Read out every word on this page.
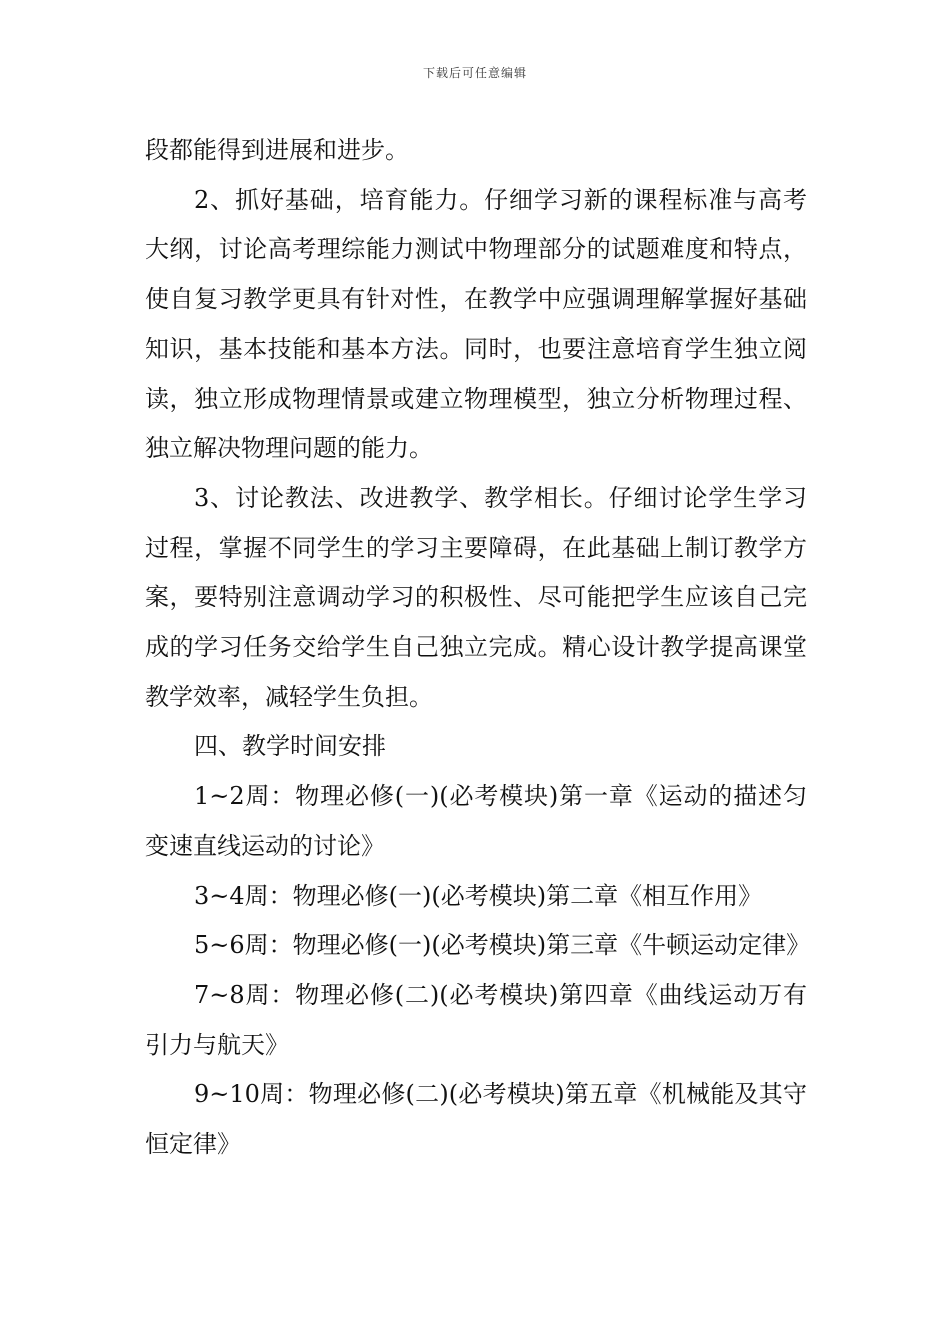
下载后可任意编辑

段都能得到进展和进步。

2、抓好基础，培育能力。仔细学习新的课程标准与高考大纲，讨论高考理综能力测试中物理部分的试题难度和特点，使自复习教学更具有针对性，在教学中应强调理解掌握好基础知识，基本技能和基本方法。同时，也要注意培育学生独立阅读，独立形成物理情景或建立物理模型，独立分析物理过程、独立解决物理问题的能力。

3、讨论教法、改进教学、教学相长。仔细讨论学生学习过程，掌握不同学生的学习主要障碍，在此基础上制订教学方案，要特别注意调动学习的积极性、尽可能把学生应该自己完成的学习任务交给学生自己独立完成。精心设计教学提高课堂教学效率，减轻学生负担。

四、教学时间安排

1~2周：物理必修(一)(必考模块)第一章《运动的描述匀变速直线运动的讨论》

3~4周：物理必修(一)(必考模块)第二章《相互作用》

5~6周：物理必修(一)(必考模块)第三章《牛顿运动定律》

7~8周：物理必修(二)(必考模块)第四章《曲线运动万有引力与航天》

9~10周：物理必修(二)(必考模块)第五章《机械能及其守恒定律》
